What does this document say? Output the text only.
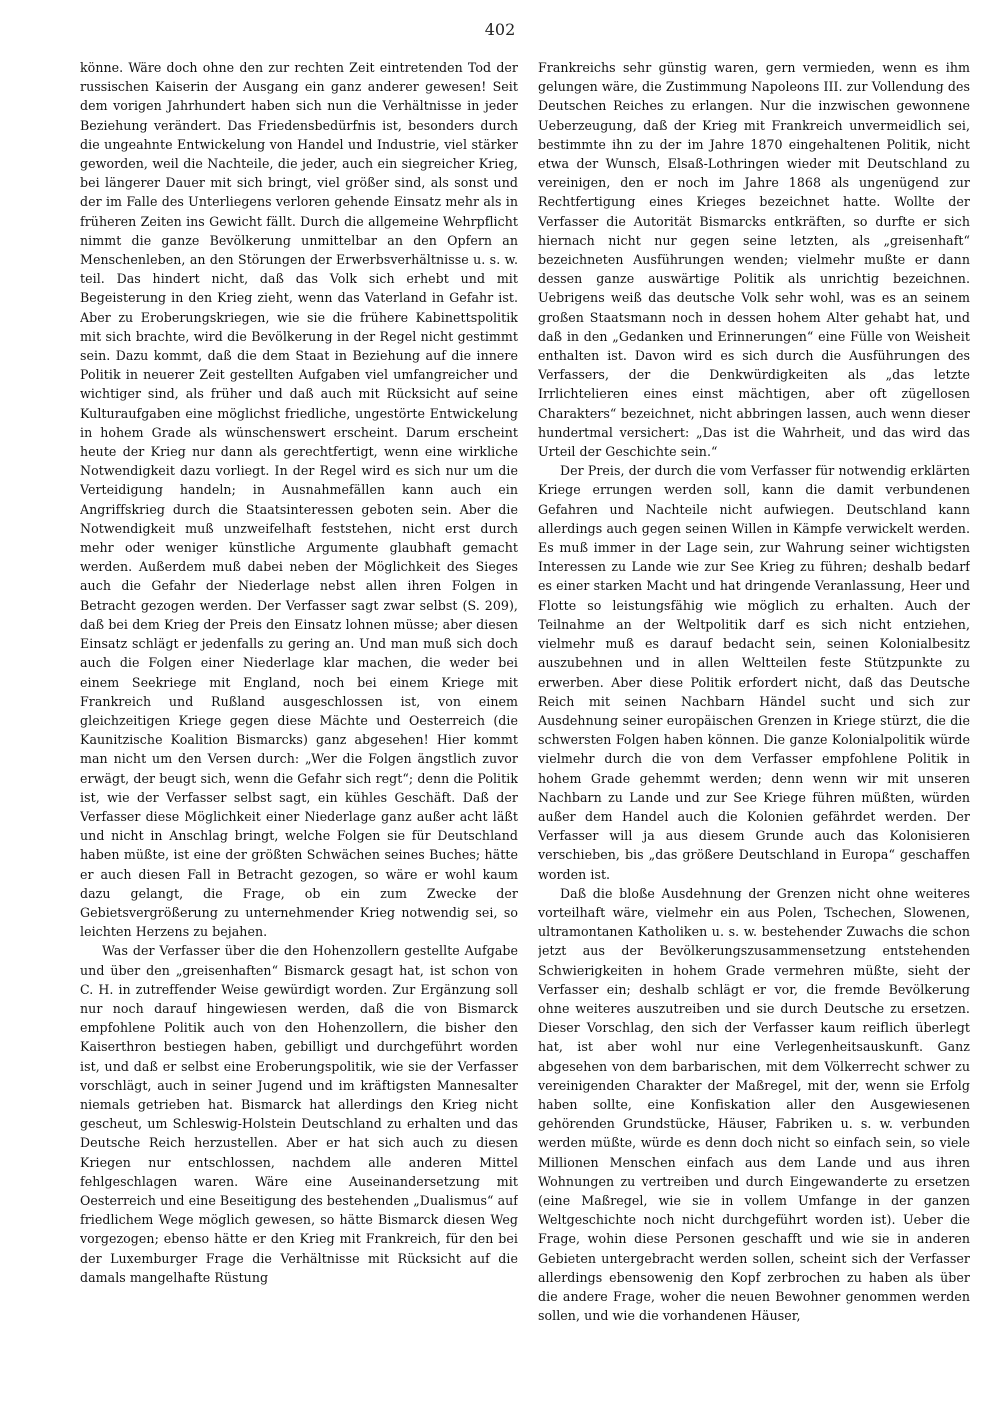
402

könne. Wäre doch ohne den zur rechten Zeit eintretenden Tod der russischen Kaiserin der Ausgang ein ganz anderer gewesen! Seit dem vorigen Jahrhundert haben sich nun die Verhältnisse in jeder Beziehung verändert. Das Friedensbedürfnis ist, besonders durch die ungeahnte Entwickelung von Handel und Industrie, viel stärker geworden, weil die Nachteile, die jeder, auch ein siegreicher Krieg, bei längerer Dauer mit sich bringt, viel größer sind, als sonst und der im Falle des Unterliegens verloren gehende Einsatz mehr als in früheren Zeiten ins Gewicht fällt. Durch die allgemeine Wehrpflicht nimmt die ganze Bevölkerung unmittelbar an den Opfern an Menschenleben, an den Störungen der Erwerbsverhältnisse u. s. w. teil. Das hindert nicht, daß das Volk sich erhebt und mit Begeisterung in den Krieg zieht, wenn das Vaterland in Gefahr ist. Aber zu Eroberungskriegen, wie sie die frühere Kabinettspolitik mit sich brachte, wird die Bevölkerung in der Regel nicht gestimmt sein. Dazu kommt, daß die dem Staat in Beziehung auf die innere Politik in neuerer Zeit gestellten Aufgaben viel umfangreicher und wichtiger sind, als früher und daß auch mit Rücksicht auf seine Kulturaufgaben eine möglichst friedliche, ungestörte Entwickelung in hohem Grade als wünschenswert erscheint. Darum erscheint heute der Krieg nur dann als gerechtfertigt, wenn eine wirkliche Notwendigkeit dazu vorliegt. In der Regel wird es sich nur um die Verteidigung handeln; in Ausnahmefällen kann auch ein Angriffskrieg durch die Staatsinteressen geboten sein. Aber die Notwendigkeit muß unzweifelhaft feststehen, nicht erst durch mehr oder weniger künstliche Argumente glaubhaft gemacht werden. Außerdem muß dabei neben der Möglichkeit des Sieges auch die Gefahr der Niederlage nebst allen ihren Folgen in Betracht gezogen werden. Der Verfasser sagt zwar selbst (S. 209), daß bei dem Krieg der Preis den Einsatz lohnen müsse; aber diesen Einsatz schlägt er jedenfalls zu gering an. Und man muß sich doch auch die Folgen einer Niederlage klar machen, die weder bei einem Seekriege mit England, noch bei einem Kriege mit Frankreich und Rußland ausgeschlossen ist, von einem gleichzeitigen Kriege gegen diese Mächte und Oesterreich (die Kaunitzische Koalition Bismarcks) ganz abgesehen! Hier kommt man nicht um den Versen durch: „Wer die Folgen ängstlich zuvor erwägt, der beugt sich, wenn die Gefahr sich regt“; denn die Politik ist, wie der Verfasser selbst sagt, ein kühles Geschäft. Daß der Verfasser diese Möglichkeit einer Niederlage ganz außer acht läßt und nicht in Anschlag bringt, welche Folgen sie für Deutschland haben müßte, ist eine der größten Schwächen seines Buches; hätte er auch diesen Fall in Betracht gezogen, so wäre er wohl kaum dazu gelangt, die Frage, ob ein zum Zwecke der Gebietsvergrößerung zu unternehmender Krieg notwendig sei, so leichten Herzens zu bejahen.

Was der Verfasser über die den Hohenzollern gestellte Aufgabe und über den „greisenhaften“ Bismarck gesagt hat, ist schon von C. H. in zutreffender Weise gewürdigt worden. Zur Ergänzung soll nur noch darauf hingewiesen werden, daß die von Bismarck empfohlene Politik auch von den Hohenzollern, die bisher den Kaiserthron bestiegen haben, gebilligt und durchgeführt worden ist, und daß er selbst eine Eroberungspolitik, wie sie der Verfasser vorschlägt, auch in seiner Jugend und im kräftigsten Mannesalter niemals getrieben hat. Bismarck hat allerdings den Krieg nicht gescheut, um Schleswig-Holstein Deutschland zu erhalten und das Deutsche Reich herzustellen. Aber er hat sich auch zu diesen Kriegen nur entschlossen, nachdem alle anderen Mittel fehlgeschlagen waren. Wäre eine Auseinandersetzung mit Oesterreich und eine Beseitigung des bestehenden „Dualismus“ auf friedlichem Wege möglich gewesen, so hätte Bismarck diesen Weg vorgezogen; ebenso hätte er den Krieg mit Frankreich, für den bei der Luxemburger Frage die Verhältnisse mit Rücksicht auf die damals mangelhafte Rüstung

Frankreichs sehr günstig waren, gern vermieden, wenn es ihm gelungen wäre, die Zustimmung Napoleons III. zur Vollendung des Deutschen Reiches zu erlangen. Nur die inzwischen gewonnene Ueberzeugung, daß der Krieg mit Frankreich unvermeidlich sei, bestimmte ihn zu der im Jahre 1870 eingehaltenen Politik, nicht etwa der Wunsch, Elsaß-Lothringen wieder mit Deutschland zu vereinigen, den er noch im Jahre 1868 als ungenügend zur Rechtfertigung eines Krieges bezeichnet hatte. Wollte der Verfasser die Autorität Bismarcks entkräften, so durfte er sich hiernach nicht nur gegen seine letzten, als „greisenhaft“ bezeichneten Ausführungen wenden; vielmehr mußte er dann dessen ganze auswärtige Politik als unrichtig bezeichnen. Uebrigens weiß das deutsche Volk sehr wohl, was es an seinem großen Staatsmann noch in dessen hohem Alter gehabt hat, und daß in den „Gedanken und Erinnerungen“ eine Fülle von Weisheit enthalten ist. Davon wird es sich durch die Ausführungen des Verfassers, der die Denkwürdigkeiten als „das letzte Irrlichtelieren eines einst mächtigen, aber oft zügellosen Charakters“ bezeichnet, nicht abbringen lassen, auch wenn dieser hundertmal versichert: „Das ist die Wahrheit, und das wird das Urteil der Geschichte sein.“

Der Preis, der durch die vom Verfasser für notwendig erklärten Kriege errungen werden soll, kann die damit verbundenen Gefahren und Nachteile nicht aufwiegen. Deutschland kann allerdings auch gegen seinen Willen in Kämpfe verwickelt werden. Es muß immer in der Lage sein, zur Wahrung seiner wichtigsten Interessen zu Lande wie zur See Krieg zu führen; deshalb bedarf es einer starken Macht und hat dringende Veranlassung, Heer und Flotte so leistungsfähig wie möglich zu erhalten. Auch der Teilnahme an der Weltpolitik darf es sich nicht entziehen, vielmehr muß es darauf bedacht sein, seinen Kolonialbesitz auszubehnen und in allen Weltteilen feste Stützpunkte zu erwerben. Aber diese Politik erfordert nicht, daß das Deutsche Reich mit seinen Nachbarn Händel sucht und sich zur Ausdehnung seiner europäischen Grenzen in Kriege stürzt, die die schwersten Folgen haben können. Die ganze Kolonialpolitik würde vielmehr durch die von dem Verfasser empfohlene Politik in hohem Grade gehemmt werden; denn wenn wir mit unseren Nachbarn zu Lande und zur See Kriege führen müßten, würden außer dem Handel auch die Kolonien gefährdet werden. Der Verfasser will ja aus diesem Grunde auch das Kolonisieren verschieben, bis „das größere Deutschland in Europa“ geschaffen worden ist.

Daß die bloße Ausdehnung der Grenzen nicht ohne weiteres vorteilhaft wäre, vielmehr ein aus Polen, Tschechen, Slowenen, ultramontanen Katholiken u. s. w. bestehender Zuwachs die schon jetzt aus der Bevölkerungszusammensetzung entstehenden Schwierigkeiten in hohem Grade vermehren müßte, sieht der Verfasser ein; deshalb schlägt er vor, die fremde Bevölkerung ohne weiteres auszutreiben und sie durch Deutsche zu ersetzen. Dieser Vorschlag, den sich der Verfasser kaum reiflich überlegt hat, ist aber wohl nur eine Verlegenheitsauskunft. Ganz abgesehen von dem barbarischen, mit dem Völkerrecht schwer zu vereinigenden Charakter der Maßregel, mit der, wenn sie Erfolg haben sollte, eine Konfiskation aller den Ausgewiesenen gehörenden Grundstücke, Häuser, Fabriken u. s. w. verbunden werden müßte, würde es denn doch nicht so einfach sein, so viele Millionen Menschen einfach aus dem Lande und aus ihren Wohnungen zu vertreiben und durch Eingewanderte zu ersetzen (eine Maßregel, wie sie in vollem Umfange in der ganzen Weltgeschichte noch nicht durchgeführt worden ist). Ueber die Frage, wohin diese Personen geschafft und wie sie in anderen Gebieten untergebracht werden sollen, scheint sich der Verfasser allerdings ebensowenig den Kopf zerbrochen zu haben als über die andere Frage, woher die neuen Bewohner genommen werden sollen, und wie die vorhandenen Häuser,
